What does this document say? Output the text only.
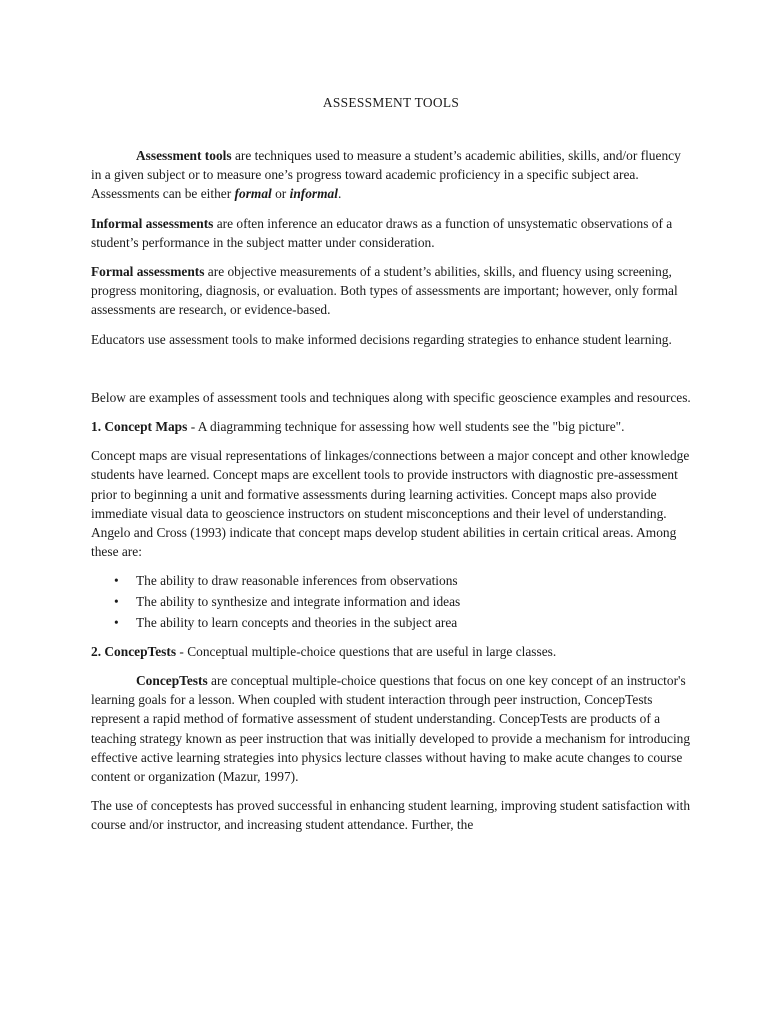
ASSESSMENT TOOLS

Assessment tools are techniques used to measure a student’s academic abilities, skills, and/or fluency in a given subject or to measure one’s progress toward academic proficiency in a specific subject area. Assessments can be either formal or informal.

Informal assessments are often inference an educator draws as a function of unsystematic observations of a student’s performance in the subject matter under consideration.

Formal assessments are objective measurements of a student’s abilities, skills, and fluency using screening, progress monitoring, diagnosis, or evaluation. Both types of assessments are important; however, only formal assessments are research, or evidence-based.

Educators use assessment tools to make informed decisions regarding strategies to enhance student learning.

Below are examples of assessment tools and techniques along with specific geoscience examples and resources.

1. Concept Maps - A diagramming technique for assessing how well students see the "big picture".

Concept maps are visual representations of linkages/connections between a major concept and other knowledge students have learned. Concept maps are excellent tools to provide instructors with diagnostic pre-assessment prior to beginning a unit and formative assessments during learning activities. Concept maps also provide immediate visual data to geoscience instructors on student misconceptions and their level of understanding. Angelo and Cross (1993) indicate that concept maps develop student abilities in certain critical areas. Among these are:

• The ability to draw reasonable inferences from observations
• The ability to synthesize and integrate information and ideas
• The ability to learn concepts and theories in the subject area

2. ConcepTests - Conceptual multiple-choice questions that are useful in large classes.

ConcepTests are conceptual multiple-choice questions that focus on one key concept of an instructor's learning goals for a lesson. When coupled with student interaction through peer instruction, ConcepTests represent a rapid method of formative assessment of student understanding. ConcepTests are products of a teaching strategy known as peer instruction that was initially developed to provide a mechanism for introducing effective active learning strategies into physics lecture classes without having to make acute changes to course content or organization (Mazur, 1997).

The use of conceptests has proved successful in enhancing student learning, improving student satisfaction with course and/or instructor, and increasing student attendance. Further, the
